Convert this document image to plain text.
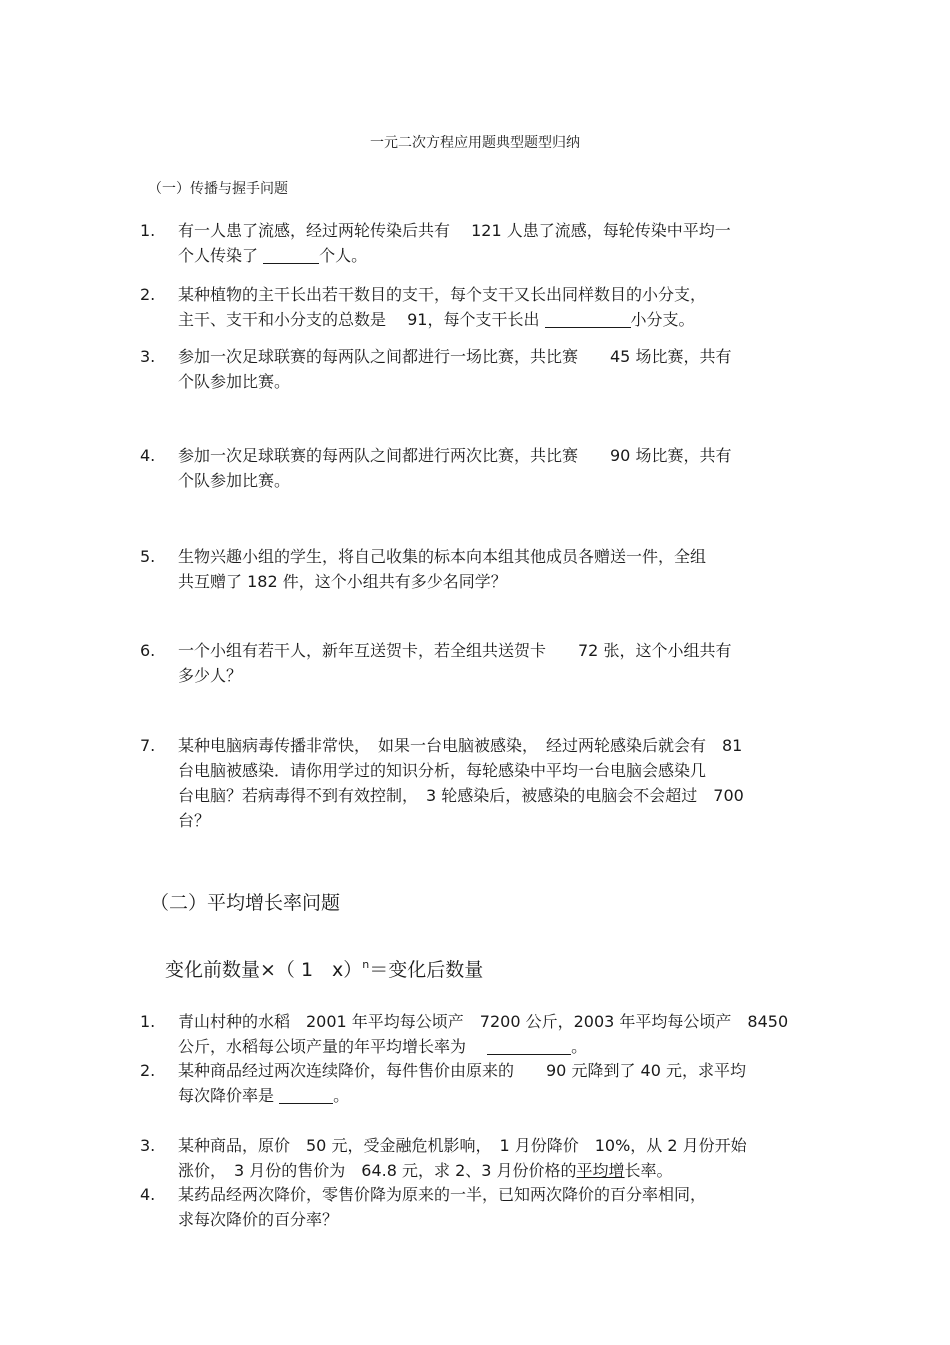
一元二次方程应用题典型题型归纳
（一）传播与握手问题
1.	有一人患了流感，经过两轮传染后共有　 121 人患了流感，每轮传染中平均一
个人传染了	个人。
2.	某种植物的主干长出若干数目的支干，每个支干又长出同样数目的小分支，
主干、支干和小分支的总数是　 91，每个支干长出	小分支。
3.	参加一次足球联赛的每两队之间都进行一场比赛，共比赛　　45 场比赛，共有
个队参加比赛。
4.	参加一次足球联赛的每两队之间都进行两次比赛，共比赛　　90 场比赛，共有
个队参加比赛。
5.	生物兴趣小组的学生，将自己收集的标本向本组其他成员各赠送一件，全组
共互赠了 182 件，这个小组共有多少名同学？
6.	一个小组有若干人，新年互送贺卡，若全组共送贺卡　　72 张，这个小组共有
多少人？
7.	某种电脑病毒传播非常快，　如果一台电脑被感染，　经过两轮感染后就会有　81
台电脑被感染．请你用学过的知识分析，每轮感染中平均一台电脑会感染几
台电脑？若病毒得不到有效控制，　3 轮感染后，被感染的电脑会不会超过　700
台？
（二）平均增长率问题
变化前数量×（ 1　x）$^n$＝变化后数量
1.	青山村种的水稻　2001 年平均每公顷产　7200 公斤，2003 年平均每公顷产　8450
公斤，水稻每公顷产量的年平均增长率为　	。
2.	某种商品经过两次连续降价，每件售价由原来的　　90 元降到了 40 元，求平均
每次降价率是	。
3.	某种商品，原价　50 元，受金融危机影响，　1 月份降价　10%，从 2 月份开始
涨价，　3 月份的售价为　64.8 元，求 2、3 月份价格的平均增长率。
4.	某药品经两次降价，零售价降为原来的一半，已知两次降价的百分率相同，
求每次降价的百分率？
